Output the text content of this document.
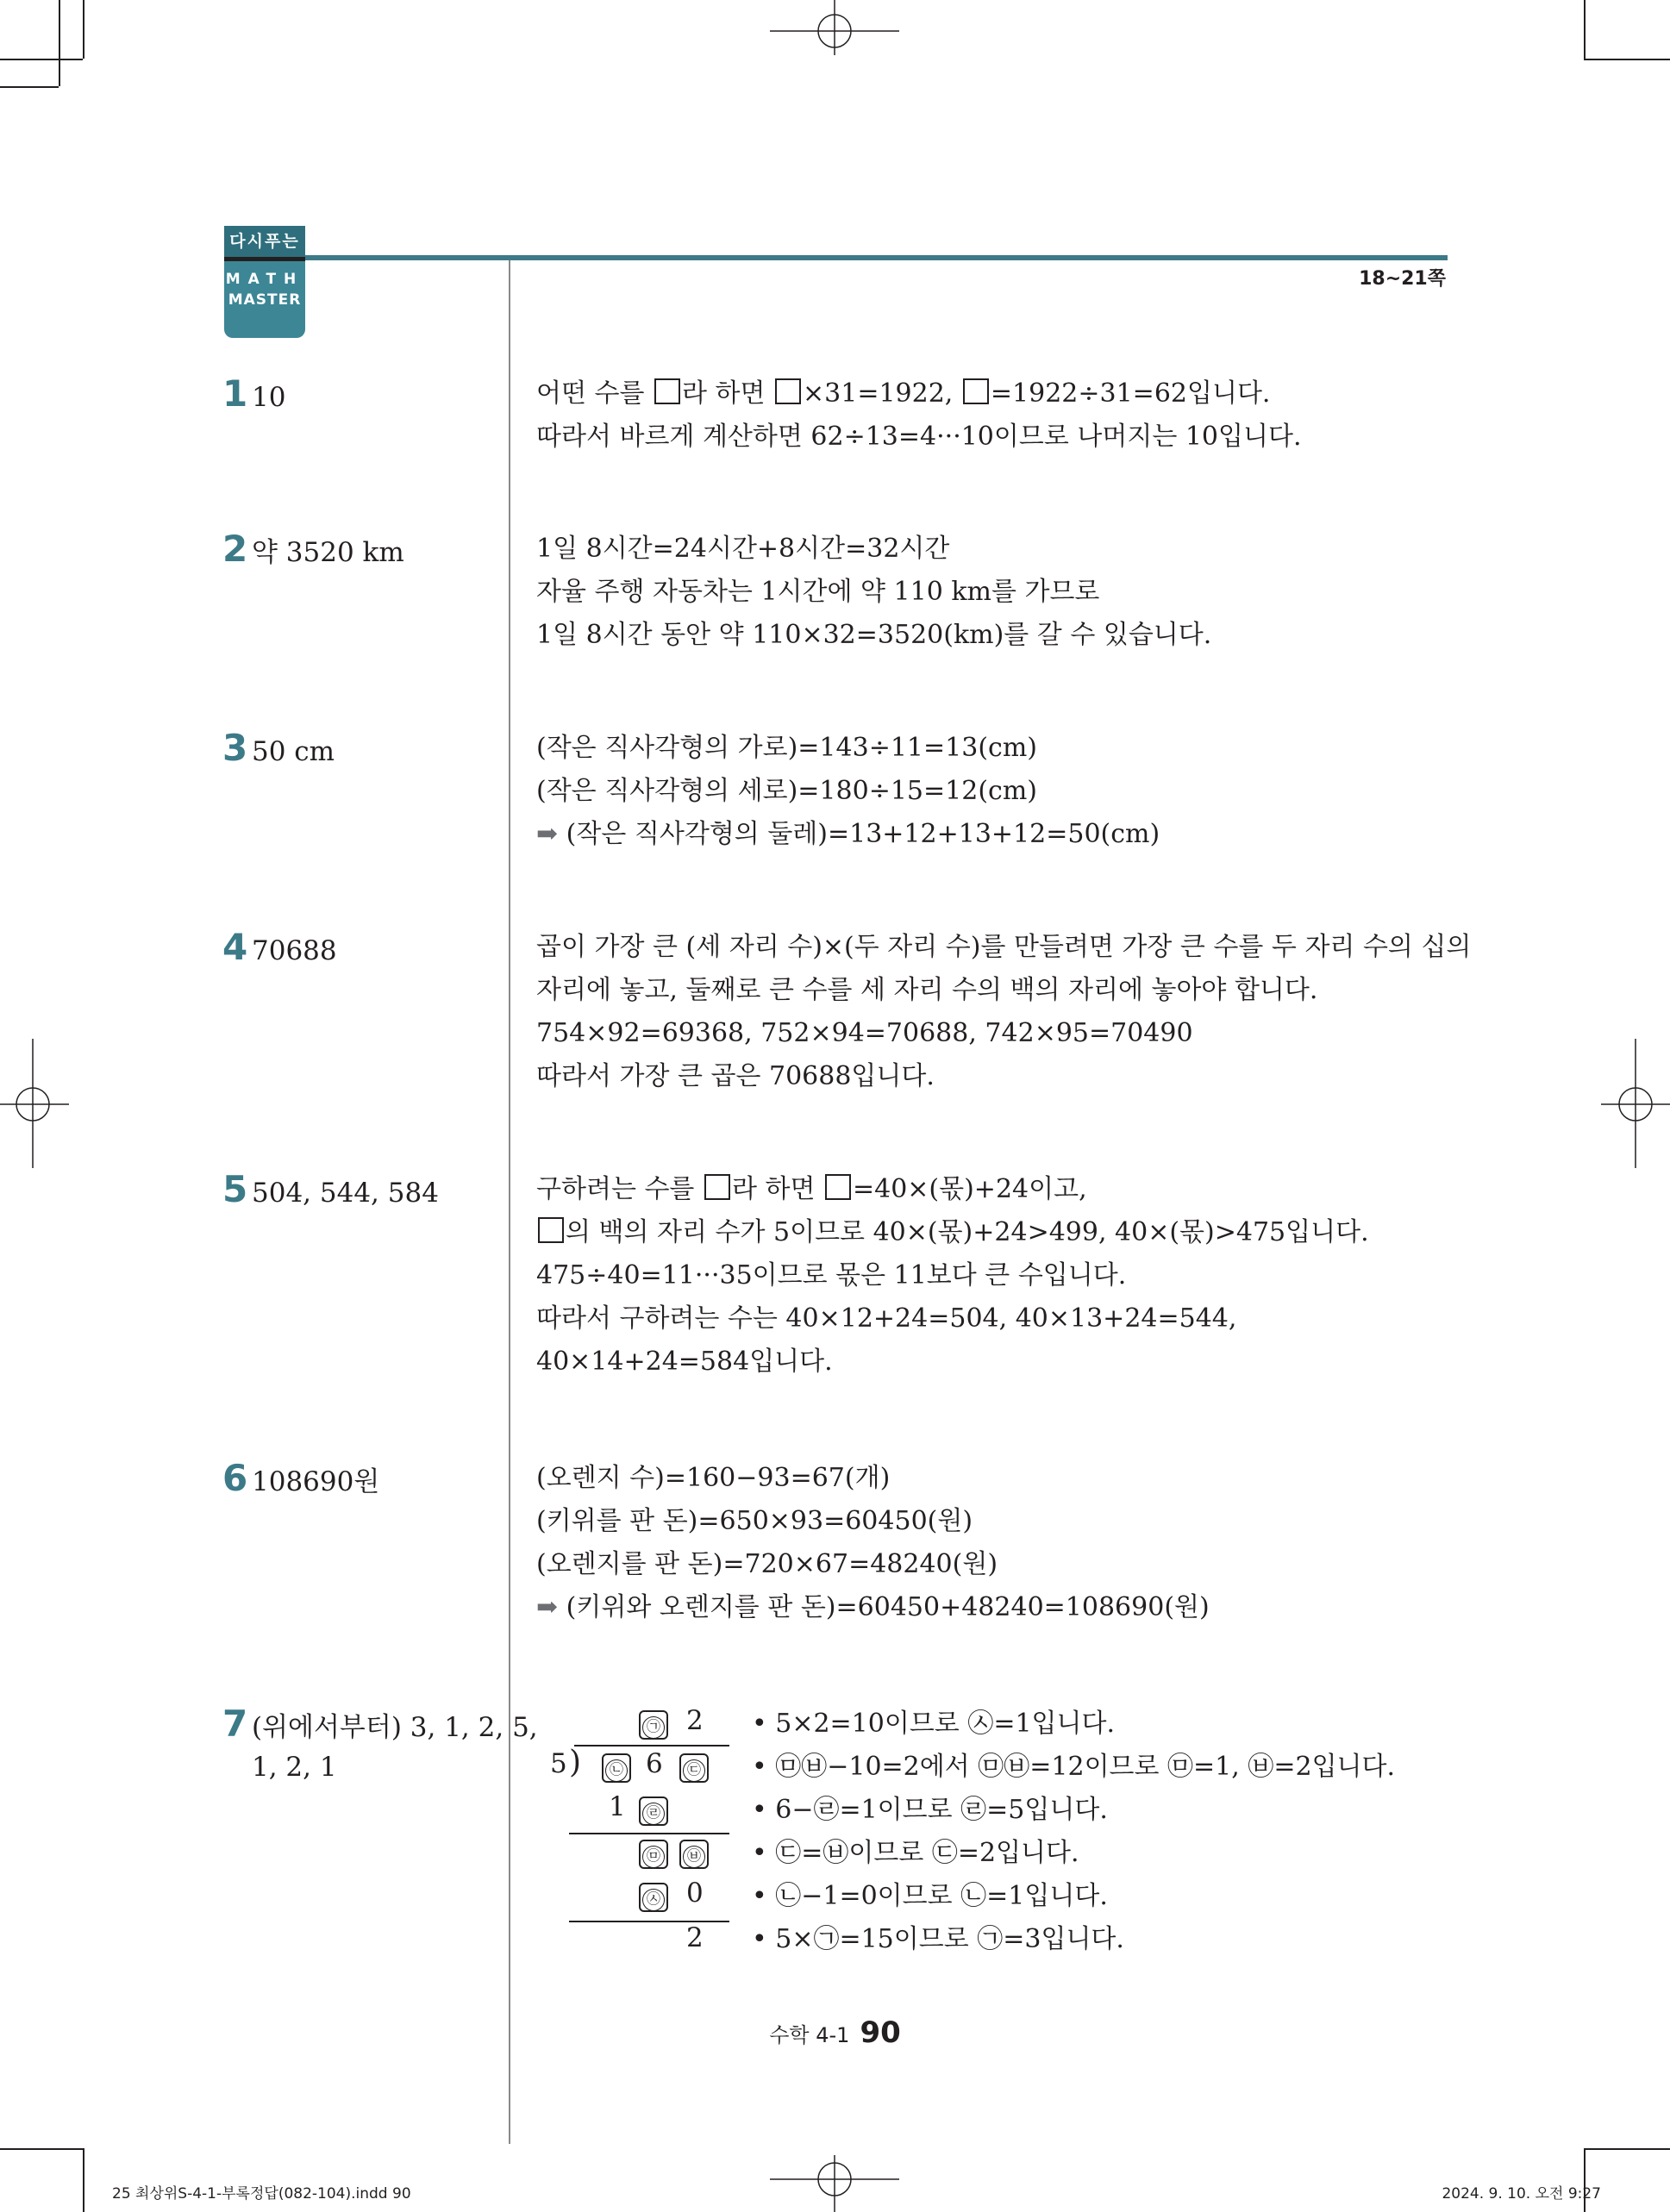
다시푸는
MATH
MASTER
18~21쪽
1 10	어떤 수를 라 하면 ×31=1922, =1922÷31=62입니다.
따라서 바르게 계산하면 62÷13=4···10이므로 나머지는 10입니다.
2 약 3520 km	1일 8시간=24시간+8시간=32시간
자율 주행 자동차는 1시간에 약 110 km를 가므로
1일 8시간 동안 약 110×32=3520(km)를 갈 수 있습니다.
3 50 cm	(작은 직사각형의 가로)=143÷11=13(cm)
(작은 직사각형의 세로)=180÷15=12(cm)
➡ (작은 직사각형의 둘레)=13+12+13+12=50(cm)
4 70688	곱이 가장 큰 (세 자리 수)×(두 자리 수)를 만들려면 가장 큰 수를 두 자리 수의 십의
자리에 놓고, 둘째로 큰 수를 세 자리 수의 백의 자리에 놓아야 합니다.
754×92=69368, 752×94=70688, 742×95=70490
따라서 가장 큰 곱은 70688입니다.
5 504, 544, 584	구하려는 수를 라 하면 =40×(몫)+24이고,
의 백의 자리 수가 5이므로 40×(몫)+24>499, 40×(몫)>475입니다.
475÷40=11···35이므로 몫은 11보다 큰 수입니다.
따라서 구하려는 수는 40×12+24=504, 40×13+24=544,
40×14+24=584입니다.
6 108690원	(오렌지 수)=160−93=67(개)
(키위를 판 돈)=650×93=60450(원)
(오렌지를 판 돈)=720×67=48240(원)
➡ (키위와 오렌지를 판 돈)=60450+48240=108690(원)
7 (위에서부터) 3, 1, 2, 5,
1, 2, 1
• 5×2=10이므로 ㉦=1입니다.
• ㉤㉥−10=2에서 ㉤㉥=12이므로 ㉤=1, ㉥=2입니다.
• 6−㉣=1이므로 ㉣=5입니다.
• ㉢=㉥이므로 ㉢=2입니다.
• ㉡−1=0이므로 ㉡=1입니다.
• 5×㉠=15이므로 ㉠=3입니다.
㉠ 2
5 )	㉡ 6	㉢
1	㉣
㉤	㉥
㉦ 0
2
수학 4-1 90
25 최상위S-4-1-부록정답(082-104).indd 90	2024. 9. 10. 오전 9:27
